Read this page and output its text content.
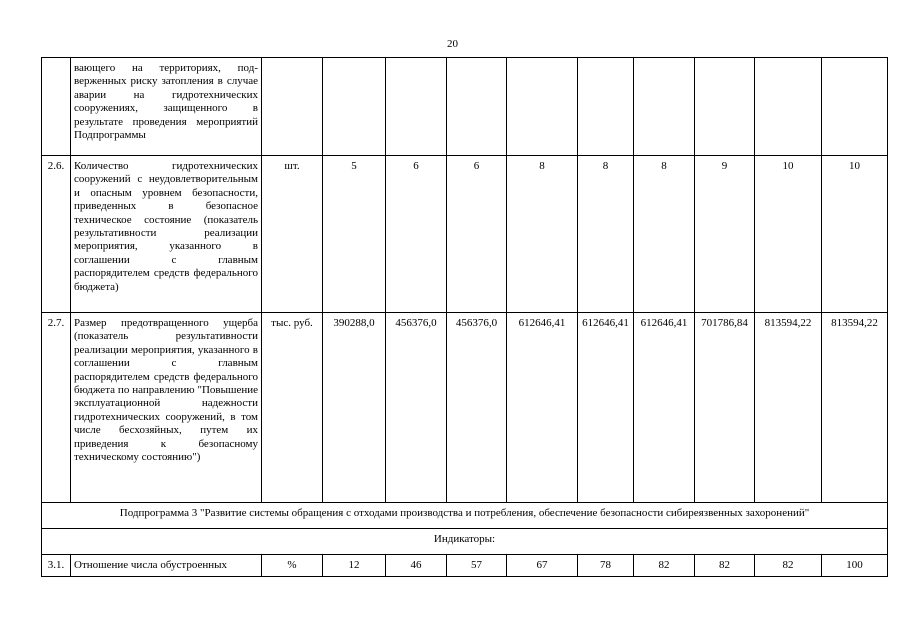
20
	вающего на территориях, подверженных риску затопления в случае аварии на гидротехнических сооружениях, защищенного в результате проведения мероприятий Подпрограммы										
2.6.	Количество гидротехнических сооружений с неудовлетворительным и опасным уровнем безопасности, приведенных в безопасное техническое состояние (показатель результативности реализации мероприятия, указанного в соглашении с главным распорядителем средств федерального бюджета)	шт.	5	6	6	8	8	8	9	10	10
2.7.	Размер предотвращенного ущерба (показатель результативности реализации мероприятия, указанного в соглашении с главным распорядителем средств федерального бюджета по направлению "Повышение эксплуатационной надежности гидротехнических сооружений, в том числе бесхозяйных, путем их приведения к безопасному техническому состоянию")	тыс. руб.	390288,0	456376,0	456376,0	612646,41	612646,41	612646,41	701786,84	813594,22	813594,22
Подпрограмма 3 "Развитие системы обращения с отходами производства и потребления, обеспечение безопасности сибиреязвенных захоронений"											
Индикаторы:											
3.1.	Отношение числа обустроенных	%	12	46	57	67	78	82	82	82	100
